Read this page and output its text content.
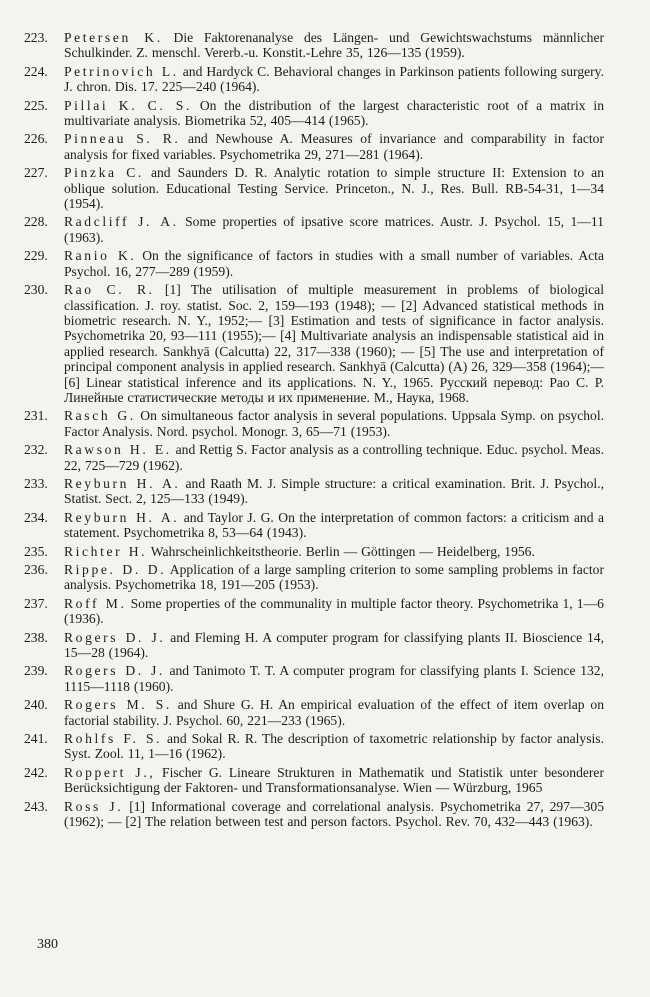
223.	Petersen K. Die Faktorenanalyse des Längen- und Gewichtswachstums männlicher Schulkinder. Z. menschl. Vererb.-u. Konstit.-Lehre 35, 126—135 (1959).
224.	Petrinovich L. and Hardyck C. Behavioral changes in Parkinson patients following surgery. J. chron. Dis. 17. 225—240 (1964).
225.	Pillai K. C. S. On the distribution of the largest characteristic root of a matrix in multivariate analysis. Biometrika 52, 405—414 (1965).
226.	Pinneau S. R. and Newhouse A. Measures of invariance and comparability in factor analysis for fixed variables. Psychometrika 29, 271—281 (1964).
227.	Pinzka C. and Saunders D. R. Analytic rotation to simple structure II: Extension to an oblique solution. Educational Testing Service. Princeton., N. J., Res. Bull. RB-54-31, 1—34 (1954).
228.	Radcliff J. A. Some properties of ipsative score matrices. Austr. J. Psychol. 15, 1—11 (1963).
229.	Ranio K. On the significance of factors in studies with a small number of variables. Acta Psychol. 16, 277—289 (1959).
230.	Rao C. R. [1] The utilisation of multiple measurement in problems of biological classification. J. roy. statist. Soc. 2, 159—193 (1948); — [2] Advanced statistical methods in biometric research. N. Y., 1952;— [3] Estimation and tests of significance in factor analysis. Psychometrika 20, 93—111 (1955);— [4] Multivariate analysis an indispensable statistical aid in applied research. Sankhyā (Calcutta) 22, 317—338 (1960); — [5] The use and interpretation of principal component analysis in applied research. Sankhyā (Calcutta) (A) 26, 329—358 (1964);— [6] Linear statistical inference and its applications. N. Y., 1965. Русский перевод: Рао С. Р. Линейные статистические методы и их применение. М., Наука, 1968.
231.	Rasch G. On simultaneous factor analysis in several populations. Uppsala Symp. on psychol. Factor Analysis. Nord. psychol. Monogr. 3, 65—71 (1953).
232.	Rawson H. E. and Rettig S. Factor analysis as a controlling technique. Educ. psychol. Meas. 22, 725—729 (1962).
233.	Reyburn H. A. and Raath M. J. Simple structure: a critical examination. Brit. J. Psychol., Statist. Sect. 2, 125—133 (1949).
234.	Reyburn H. A. and Taylor J. G. On the interpretation of common factors: a criticism and a statement. Psychometrika 8, 53—64 (1943).
235.	Richter H. Wahrscheinlichkeitstheorie. Berlin — Göttingen — Heidelberg, 1956.
236.	Rippe. D. D. Application of a large sampling criterion to some sampling problems in factor analysis. Psychometrika 18, 191—205 (1953).
237.	Roff M. Some properties of the communality in multiple factor theory. Psychometrika 1, 1—6 (1936).
238.	Rogers D. J. and Fleming H. A computer program for classifying plants II. Bioscience 14, 15—28 (1964).
239.	Rogers D. J. and Tanimoto T. T. A computer program for classifying plants I. Science 132, 1115—1118 (1960).
240.	Rogers M. S. and Shure G. H. An empirical evaluation of the effect of item overlap on factorial stability. J. Psychol. 60, 221—233 (1965).
241.	Rohlfs F. S. and Sokal R. R. The description of taxometric relationship by factor analysis. Syst. Zool. 11, 1—16 (1962).
242.	Roppert J., Fischer G. Lineare Strukturen in Mathematik und Statistik unter besonderer Berücksichtigung der Faktoren- und Transformationsanalyse. Wien — Würzburg, 1965
243.	Ross J. [1] Informational coverage and correlational analysis. Psychometrika 27, 297—305 (1962); — [2] The relation between test and person factors. Psychol. Rev. 70, 432—443 (1963).
380
